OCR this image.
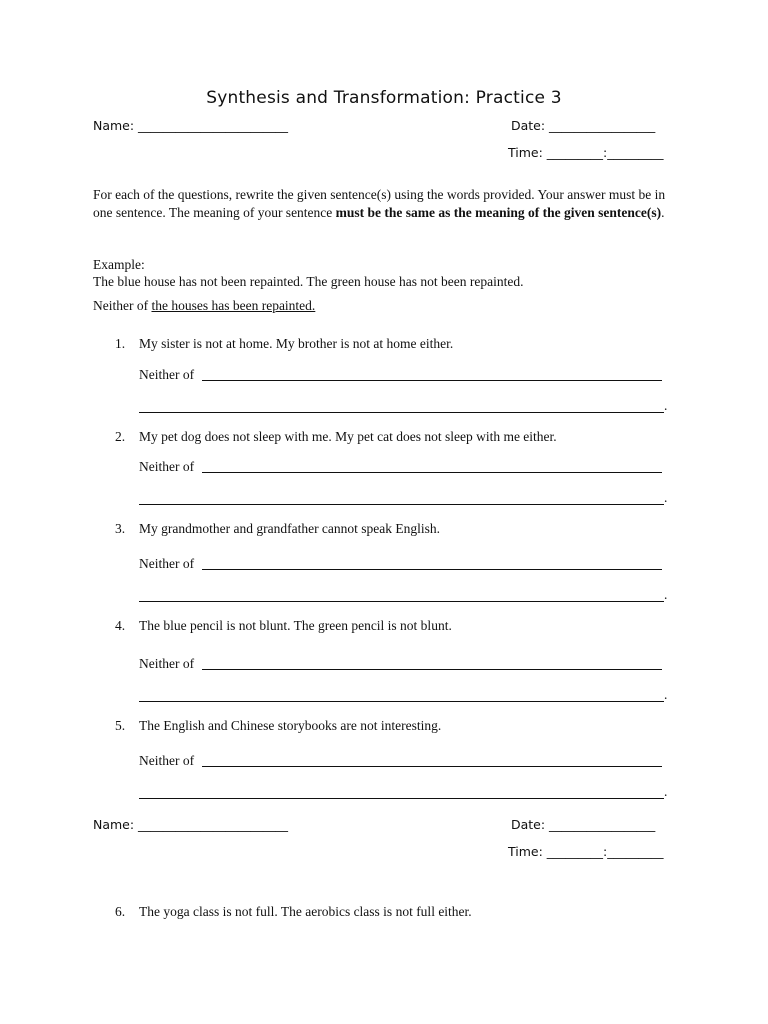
Synthesis and Transformation: Practice 3
Name: ________________________	Date: _________________
Time: _________:_________
For each of the questions, rewrite the given sentence(s) using the words provided. Your answer must be in one sentence. The meaning of your sentence must be the same as the meaning of the given sentence(s).
Example:
The blue house has not been repainted. The green house has not been repainted.
Neither of the houses has been repainted.
1. My sister is not at home. My brother is not at home either.
Neither of
.
2. My pet dog does not sleep with me. My pet cat does not sleep with me either.
Neither of
.
3. My grandmother and grandfather cannot speak English.
Neither of
.
4. The blue pencil is not blunt. The green pencil is not blunt.
Neither of
.
5. The English and Chinese storybooks are not interesting.
Neither of
.
Name: ________________________	Date: _________________
Time: _________:_________
6. The yoga class is not full. The aerobics class is not full either.
